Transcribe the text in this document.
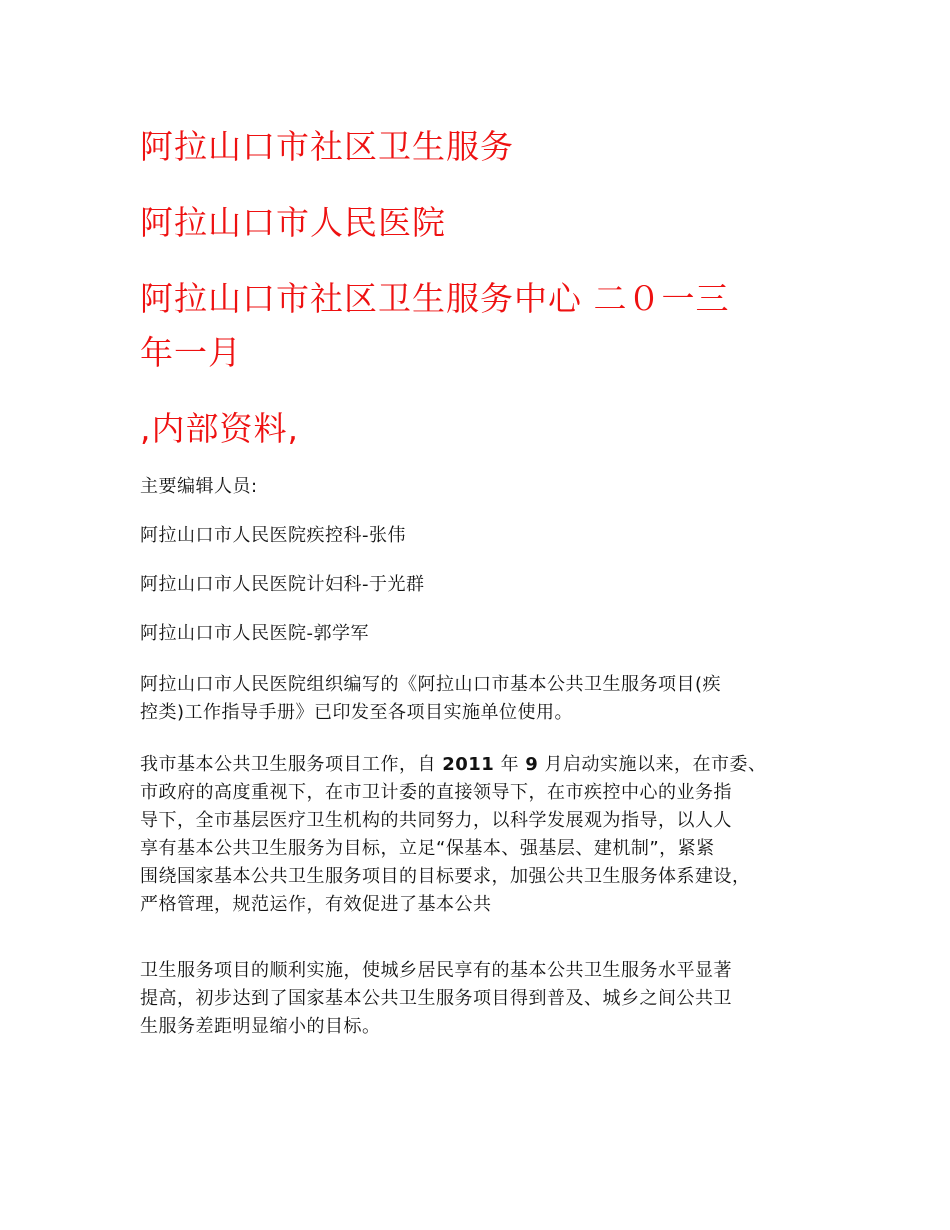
阿拉山口市社区卫生服务
阿拉山口市人民医院
阿拉山口市社区卫生服务中心 二０一三
年一月
,内部资料,

主要编辑人员:

阿拉山口市人民医院疾控科-张伟

阿拉山口市人民医院计妇科-于光群

阿拉山口市人民医院-郭学军

阿拉山口市人民医院组织编写的《阿拉山口市基本公共卫生服务项目(疾
控类)工作指导手册》已印发至各项目实施单位使用。
我市基本公共卫生服务项目工作，自 2011 年 9 月启动实施以来，在市委、
市政府的高度重视下，在市卫计委的直接领导下，在市疾控中心的业务指
导下，全市基层医疗卫生机构的共同努力，以科学发展观为指导，以人人
享有基本公共卫生服务为目标，立足“保基本、强基层、建机制”，紧紧
围绕国家基本公共卫生服务项目的目标要求，加强公共卫生服务体系建设，
严格管理，规范运作，有效促进了基本公共
卫生服务项目的顺利实施，使城乡居民享有的基本公共卫生服务水平显著
提高，初步达到了国家基本公共卫生服务项目得到普及、城乡之间公共卫
生服务差距明显缩小的目标。
